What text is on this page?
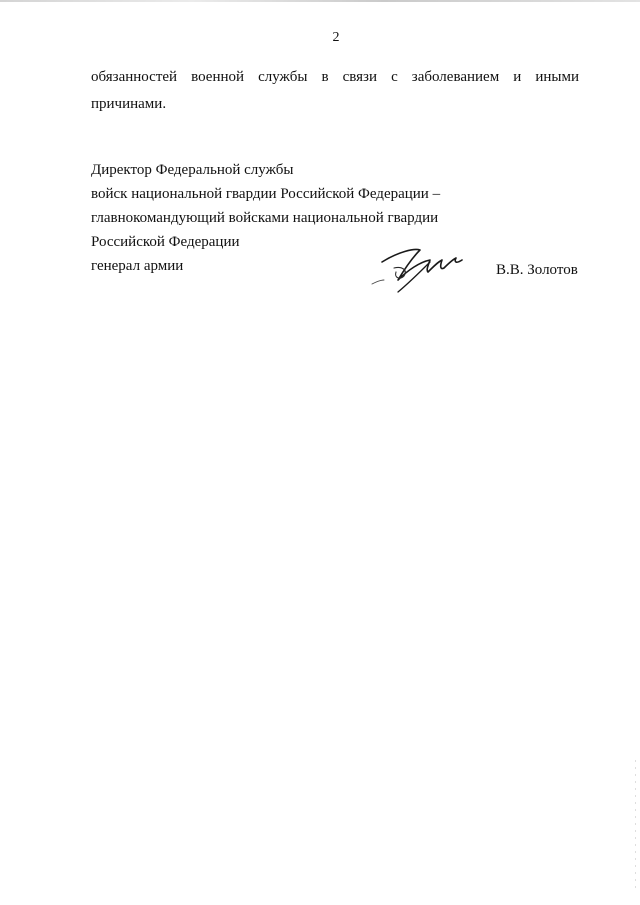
2
обязанностей военной службы в связи с заболеванием и иными
причинами.
Директор Федеральной службы
войск национальной гвардии Российской Федерации –
главнокомандующий войсками национальной гвардии
Российской Федерации
генерал армии	В.В. Золотов
